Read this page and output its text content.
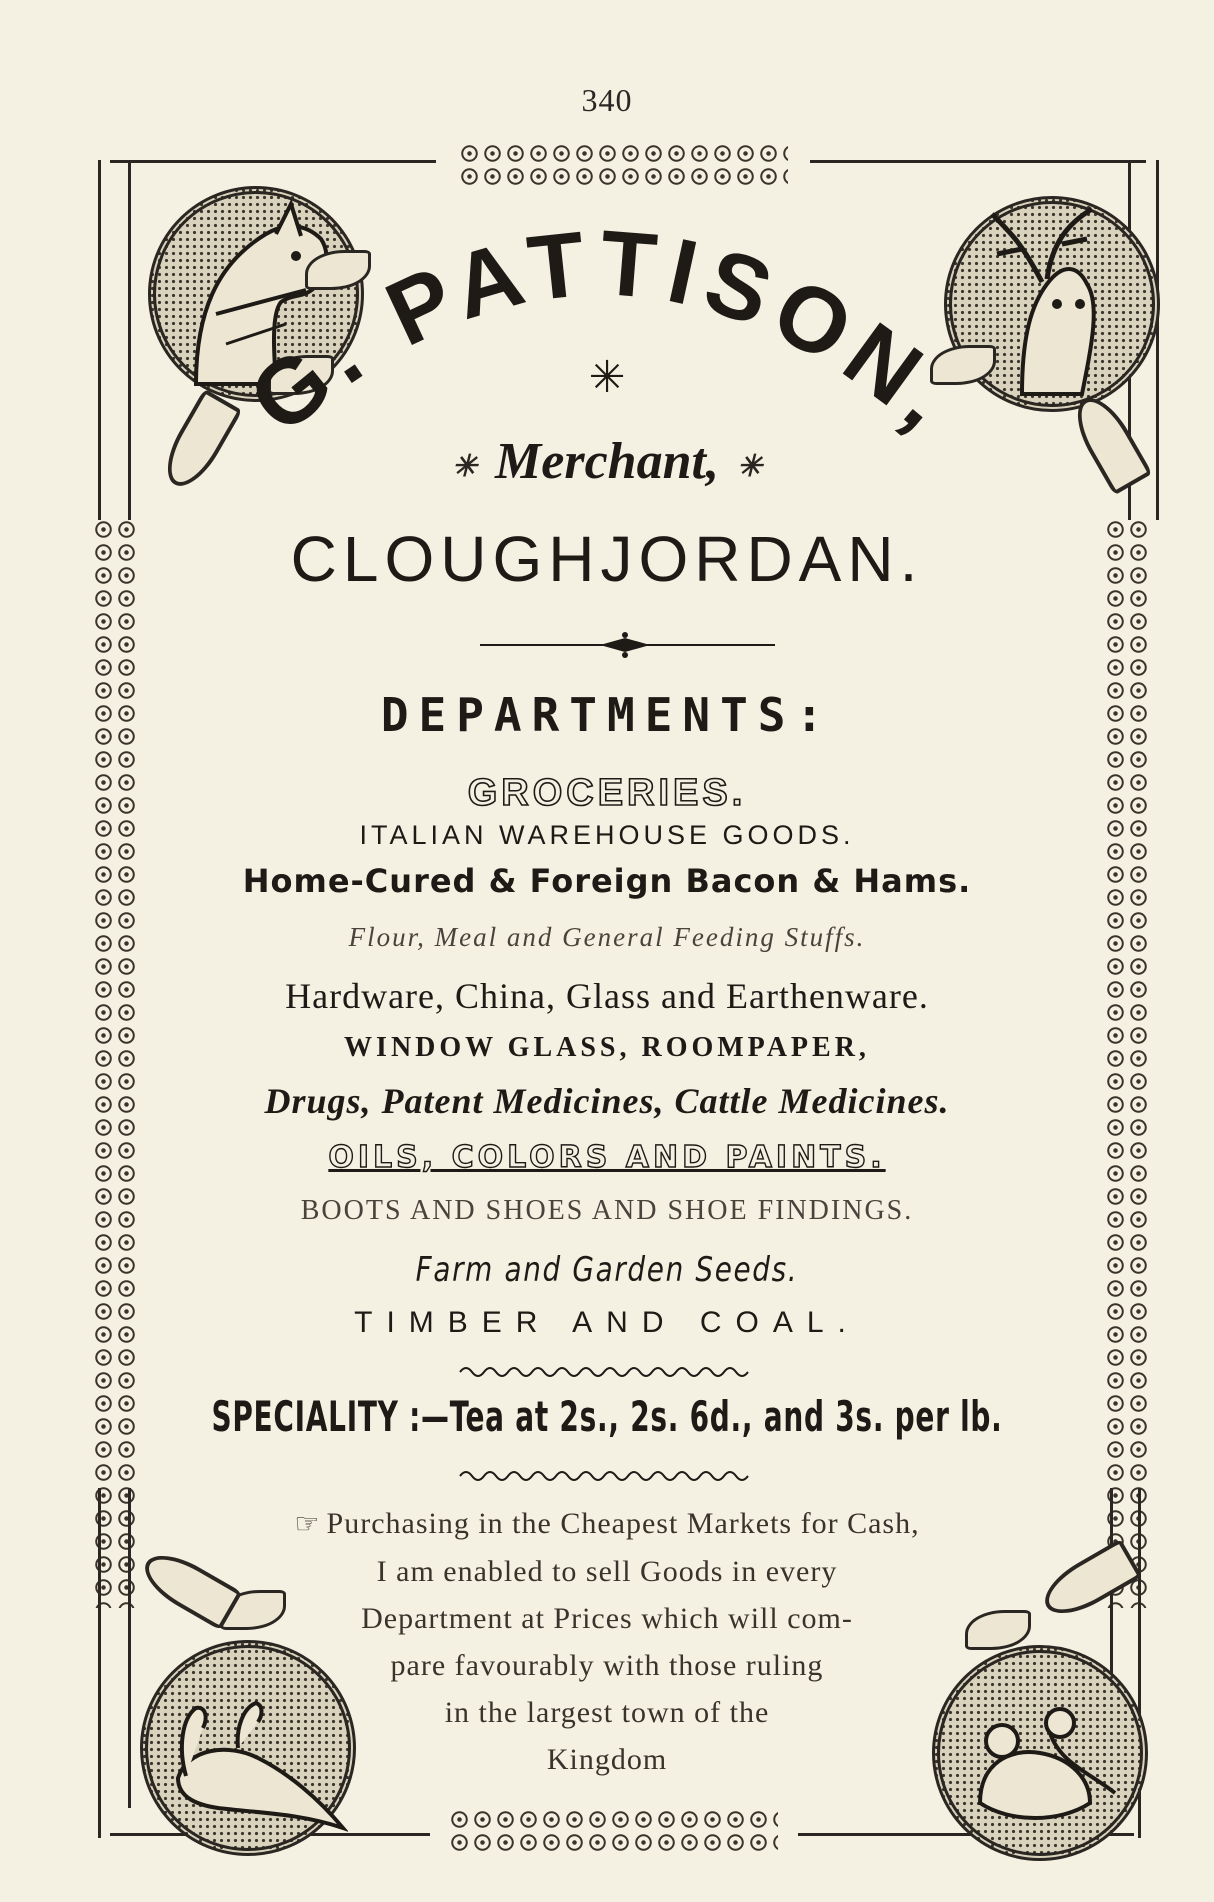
340
G. PATTISON,
✳
✳ Merchant, ✳
CLOUGHJORDAN.
DEPARTMENTS:
GROCERIES.
ITALIAN WAREHOUSE GOODS.
Home-Cured & Foreign Bacon & Hams.
Flour, Meal and General Feeding Stuffs.
Hardware, China, Glass and Earthenware.
WINDOW GLASS, ROOMPAPER,
Drugs, Patent Medicines, Cattle Medicines.
OILS, COLORS AND PAINTS.
BOOTS AND SHOES AND SHOE FINDINGS.
Farm and Garden Seeds.
TIMBER AND COAL.
SPECIALITY :—Tea at 2s., 2s. 6d., and 3s. per lb.
☞ Purchasing in the Cheapest Markets for Cash,
I am enabled to sell Goods in every
Department at Prices which will com-
pare favourably with those ruling
in the largest town of the
Kingdom
